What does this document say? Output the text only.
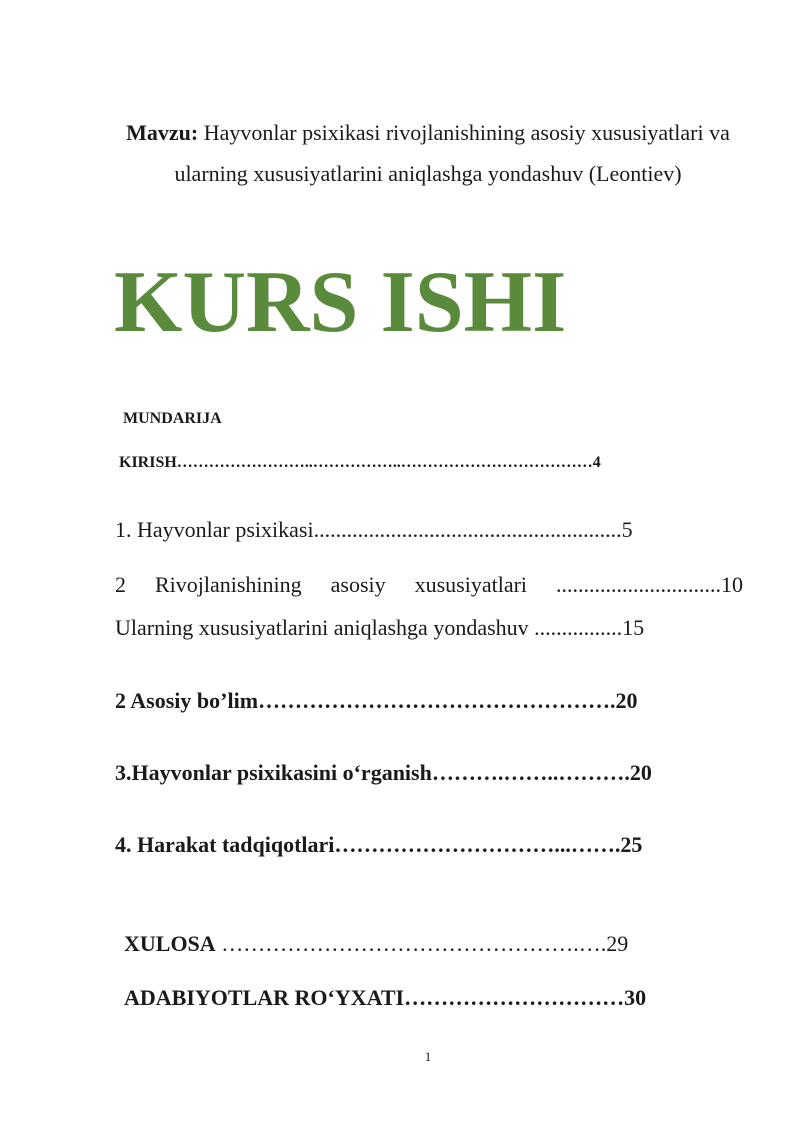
Mavzu: Hayvonlar psixikasi rivojlanishining asosiy xususiyatlari va ularning xususiyatlarini aniqlashga yondashuv (Leontiev)
KURS ISHI
MUNDARIJA
KIRISH……………………..……………..………………………………4
1. Hayvonlar psixikasi........................................................5
2 Rivojlanishining asosiy xususiyatlari ..............................10
Ularning xususiyatlarini aniqlashga yondashuv ................15
2 Asosiy bo’lim………………………………………….20
3.Hayvonlar psixikasini o‘rganish……….……..……….20
4. Harakat tadqiqotlari…………………………...…….25
XULOSA ………………………………………….….29
ADABIYOTLAR RO‘YXATI…………………………30
1
